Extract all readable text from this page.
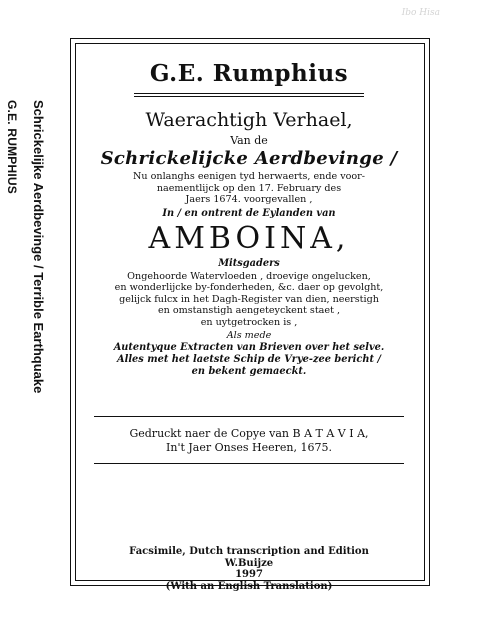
G.E. RUMPHIUS Schrickelijke Aerdbevinge / Terrible Earthquake
Ibo Hisa
G.E. Rumphius
Waerachtigh Verhael,
Van de
Schrickelijcke Aerdbevinge /
Nu onlanghs eenigen tyd herwaerts, ende voor-
naementlijck op den 17. February des
Jaers 1674. voorgevallen ,
In / en ontrent de Eylanden van
AMBOINA,
Mitsgaders
Ongehoorde Watervloeden , droevige ongelucken,
en wonderlijcke by-fonderheden, &c. daer op gevolght,
gelijck fulcx in het Dagh-Register van dien, neerstigh
en omstanstigh aengeteyckent staet ,
en uytgetrocken is ,
Als mede
Autentyque Extracten van Brieven over het selve.
Alles met het laetste Schip de Vrye-zee bericht /
en bekent gemaeckt.
Gedruckt naer de Copye van B A T A V I A,
In't Jaer Onses Heeren, 1675.
Facsimile, Dutch transcription and Edition
W.Buijze
1997
(With an English Translation)
